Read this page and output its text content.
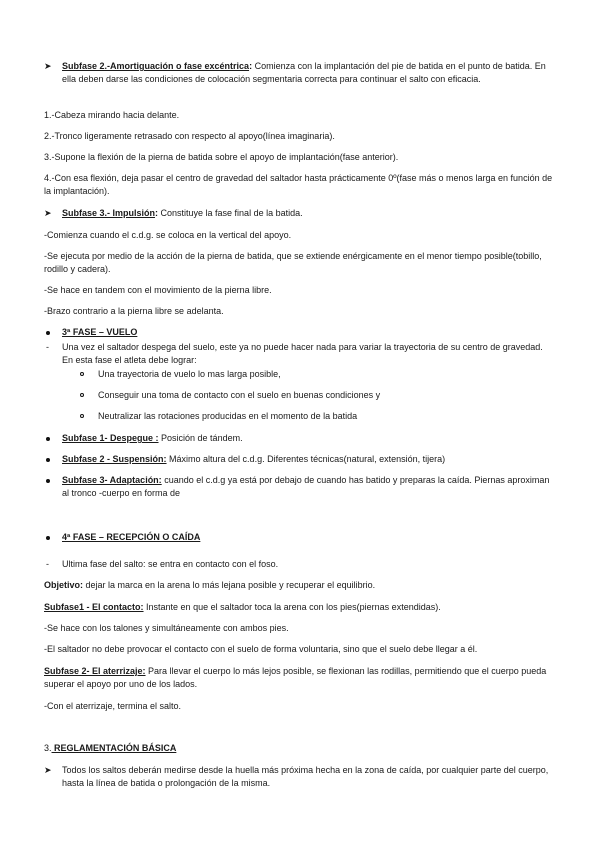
➤	Subfase 2.-Amortiguación o fase excéntrica: Comienza con la implantación del pie de batida en el punto de batida. En ella deben darse las condiciones de colocación segmentaria correcta para continuar el salto con eficacia.

1.-Cabeza mirando hacia delante.

2.-Tronco ligeramente retrasado con respecto al apoyo(línea imaginaria).

3.-Supone la flexión de la pierna de batida sobre el apoyo de implantación(fase anterior).

4.-Con esa flexión, deja pasar el centro de gravedad del saltador hasta prácticamente 0º(fase más o menos larga en función de la implantación).

➤	Subfase 3.- Impulsión: Constituye la fase final de la batida.

-Comienza cuando el c.d.g. se coloca en la vertical del apoyo.

-Se ejecuta por medio de la acción de la pierna de batida, que se extiende enérgicamente en el menor tiempo posible(tobillo, rodillo y cadera).

-Se hace en tandem con el movimiento de la pierna libre.

-Brazo contrario a la pierna libre se adelanta.

3ª FASE – VUELO
-	Una vez el saltador despega del suelo, este ya no puede hacer nada para variar la trayectoria de su centro de gravedad. En esta fase el atleta debe lograr:
Una trayectoria de vuelo lo mas larga posible,
Conseguir una toma de contacto con el suelo en buenas condiciones y
Neutralizar las rotaciones producidas en el momento de la batida
Subfase 1- Despegue : Posición de tándem.
Subfase 2 - Suspensión: Máximo altura del c.d.g. Diferentes técnicas(natural, extensión, tijera)
Subfase 3- Adaptación: cuando el c.d.g ya está por debajo de cuando has batido y preparas la caída. Piernas aproximan al tronco -cuerpo en forma de
4ª FASE – RECEPCIÓN O CAÍDA
-	Ultima fase del salto: se entra en contacto con el foso.

Objetivo: dejar la marca en la arena lo más lejana posible y recuperar el equilibrio.

Subfase1 - El contacto: Instante en que el saltador toca la arena con los pies(piernas extendidas).

-Se hace con los talones y simultáneamente con ambos pies.

-El saltador no debe provocar el contacto con el suelo de forma voluntaria, sino que el suelo debe llegar a él.

Subfase 2- El aterrizaje: Para llevar el cuerpo lo más lejos posible, se flexionan las rodillas, permitiendo que el cuerpo pueda superar el apoyo por uno de los lados.

-Con el aterrizaje, termina el salto.

3. REGLAMENTACIÓN BÁSICA

➤	Todos los saltos deberán medirse desde la huella más próxima hecha en la zona de caída, por cualquier parte del cuerpo, hasta la línea de batida o prolongación de la misma.
